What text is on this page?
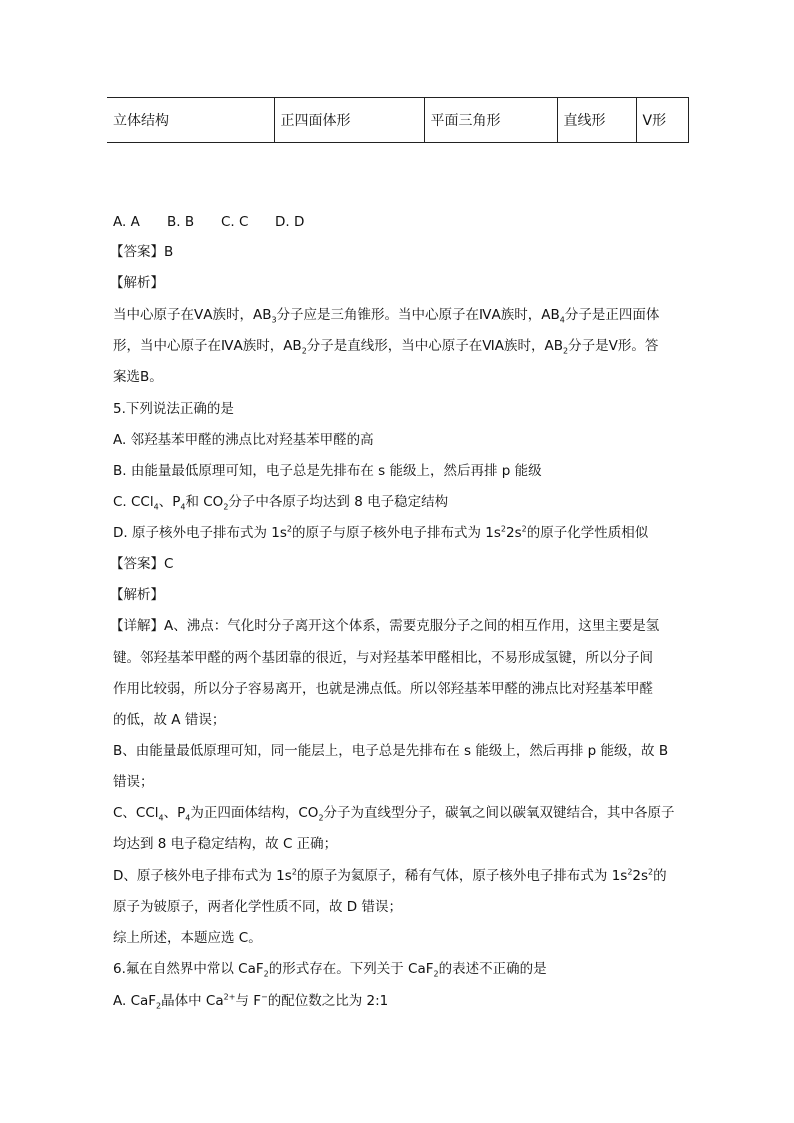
立体结构	正四面体形	平面三角形	直线形	V形
A. A B. B C. C D. D
【答案】B
【解析】
当中心原子在ⅤA族时，$AB_3$分子应是三角锥形。当中心原子在ⅣA族时，$AB_4$分子是正四面体
形，当中心原子在ⅣA族时，$AB_2$分子是直线形，当中心原子在ⅥA族时，$AB_2$分子是V形。答
案选B。
5.下列说法正确的是
A. 邻羟基苯甲醛的沸点比对羟基苯甲醛的高
B. 由能量最低原理可知，电子总是先排布在 s 能级上，然后再排 p 能级
C. CCl$_4$、$P_4$和 $CO_2$分子中各原子均达到 8 电子稳定结构
D. 原子核外电子排布式为 $1s^2$的原子与原子核外电子排布式为 $1s^22s^2$的原子化学性质相似
【答案】C
【解析】
【详解】A、沸点：气化时分子离开这个体系，需要克服分子之间的相互作用，这里主要是氢
键。邻羟基苯甲醛的两个基团靠的很近，与对羟基苯甲醛相比，不易形成氢键，所以分子间
作用比较弱，所以分子容易离开，也就是沸点低。所以邻羟基苯甲醛的沸点比对羟基苯甲醛
的低，故 A 错误；
B、由能量最低原理可知，同一能层上，电子总是先排布在 s 能级上，然后再排 p 能级，故 B
错误；
C、CCl$_4$、$P_4$为正四面体结构，$CO_2$分子为直线型分子，碳氧之间以碳氧双键结合，其中各原子
均达到 8 电子稳定结构，故 C 正确；
D、原子核外电子排布式为 $1s^2$的原子为氦原子，稀有气体，原子核外电子排布式为 $1s^22s^2$的
原子为铍原子，两者化学性质不同，故 D 错误；
综上所述，本题应选 C。
6.氟在自然界中常以 CaF$_2$的形式存在。下列关于 CaF$_2$的表述不正确的是
A. CaF$_2$晶体中 $Ca^{2+}$与 F−的配位数之比为 2:1
